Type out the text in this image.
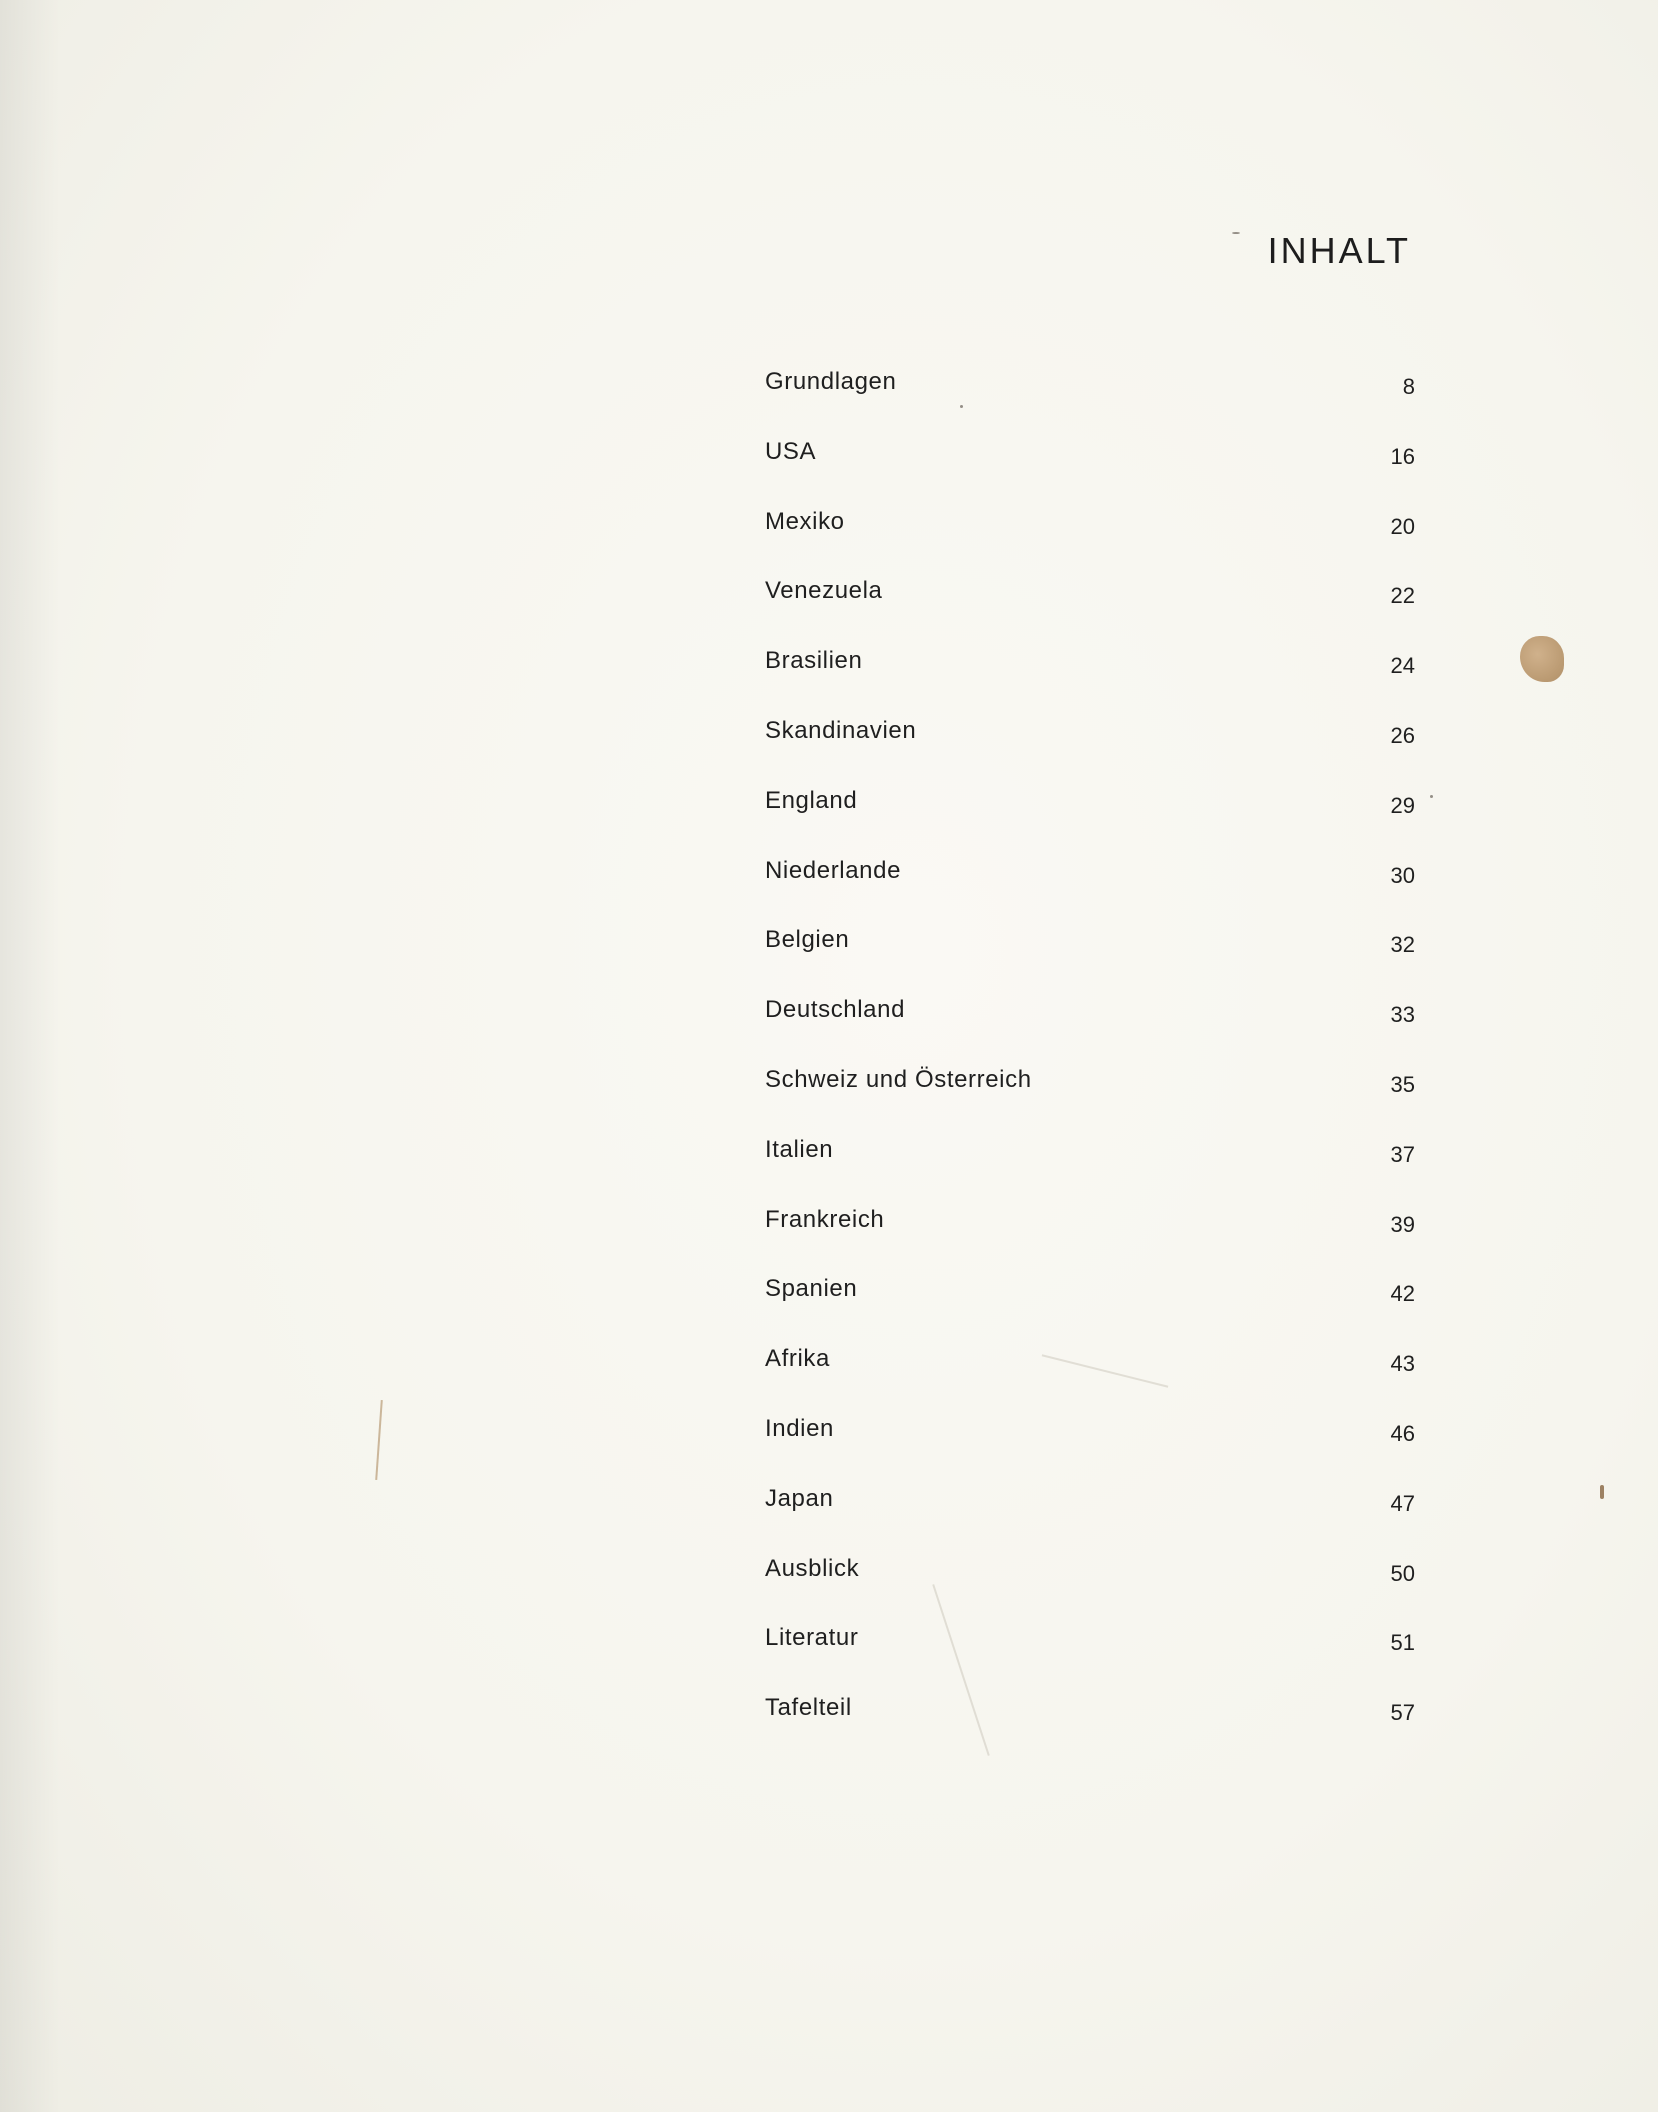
INHALT
Grundlagen	8
USA	16
Mexiko	20
Venezuela	22
Brasilien	24
Skandinavien	26
England	29
Niederlande	30
Belgien	32
Deutschland	33
Schweiz und Österreich	35
Italien	37
Frankreich	39
Spanien	42
Afrika	43
Indien	46
Japan	47
Ausblick	50
Literatur	51
Tafelteil	57
